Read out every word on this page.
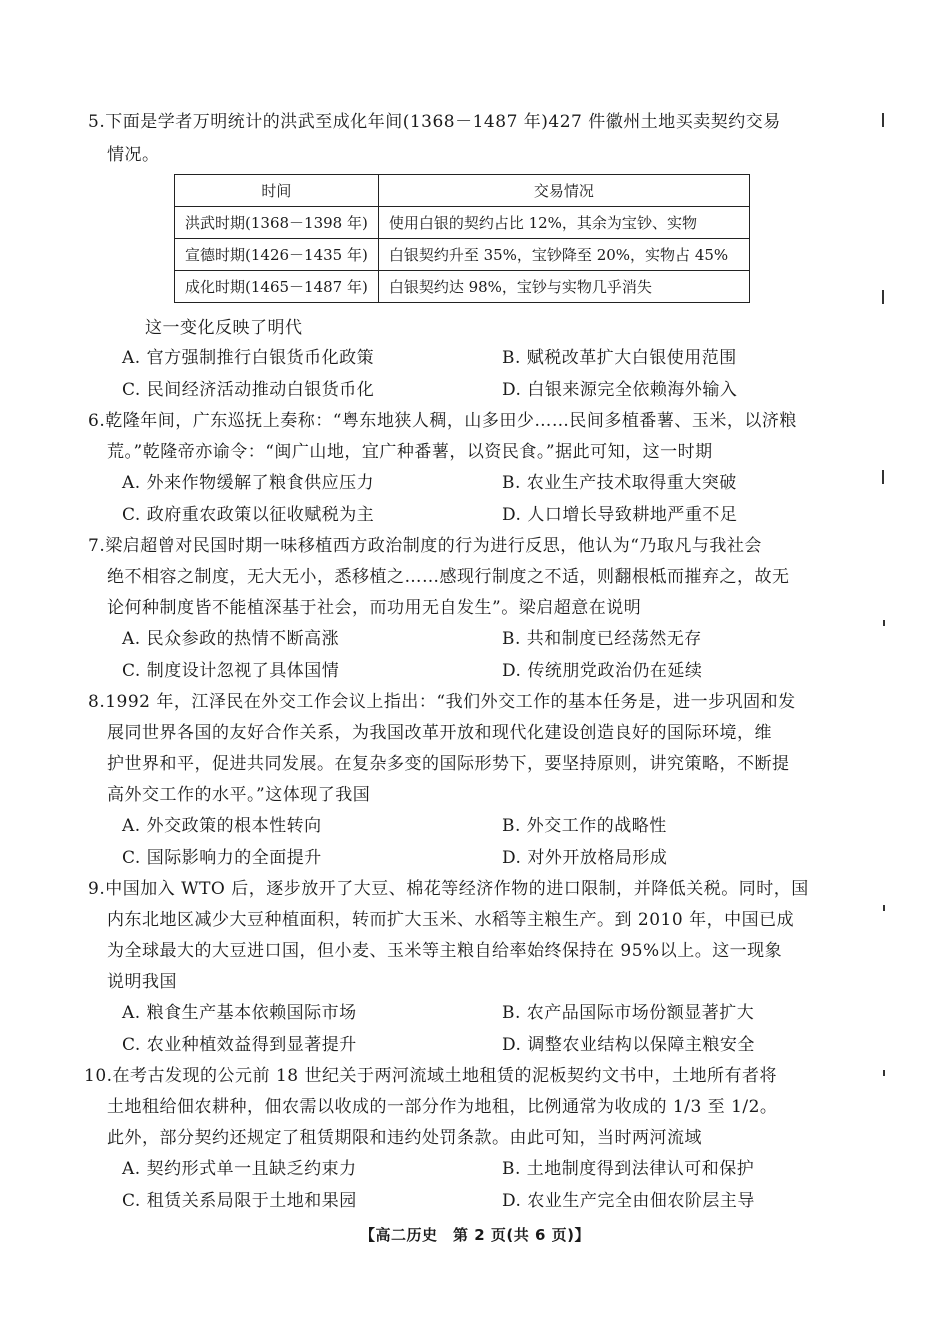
5.下面是学者万明统计的洪武至成化年间(1368－1487 年)427 件徽州土地买卖契约交易
情况。
时间	交易情况
洪武时期(1368－1398 年)	使用白银的契约占比 12%，其余为宝钞、实物
宣德时期(1426－1435 年)	白银契约升至 35%，宝钞降至 20%，实物占 45%
成化时期(1465－1487 年)	白银契约达 98%，宝钞与实物几乎消失
这一变化反映了明代
A. 官方强制推行白银货币化政策	B. 赋税改革扩大白银使用范围
C. 民间经济活动推动白银货币化	D. 白银来源完全依赖海外输入
6.乾隆年间，广东巡抚上奏称：“粤东地狭人稠，山多田少……民间多植番薯、玉米，以济粮
荒。”乾隆帝亦谕令：“闽广山地，宜广种番薯，以资民食。”据此可知，这一时期
A. 外来作物缓解了粮食供应压力	B. 农业生产技术取得重大突破
C. 政府重农政策以征收赋税为主	D. 人口增长导致耕地严重不足
7.梁启超曾对民国时期一味移植西方政治制度的行为进行反思，他认为“乃取凡与我社会
绝不相容之制度，无大无小，悉移植之……感现行制度之不适，则翻根柢而摧弃之，故无
论何种制度皆不能植深基于社会，而功用无自发生”。梁启超意在说明
A. 民众参政的热情不断高涨	B. 共和制度已经荡然无存
C. 制度设计忽视了具体国情	D. 传统朋党政治仍在延续
8.1992 年，江泽民在外交工作会议上指出：“我们外交工作的基本任务是，进一步巩固和发
展同世界各国的友好合作关系，为我国改革开放和现代化建设创造良好的国际环境，维
护世界和平，促进共同发展。在复杂多变的国际形势下，要坚持原则，讲究策略，不断提
高外交工作的水平。”这体现了我国
A. 外交政策的根本性转向	B. 外交工作的战略性
C. 国际影响力的全面提升	D. 对外开放格局形成
9.中国加入 WTO 后，逐步放开了大豆、棉花等经济作物的进口限制，并降低关税。同时，国
内东北地区减少大豆种植面积，转而扩大玉米、水稻等主粮生产。到 2010 年，中国已成
为全球最大的大豆进口国，但小麦、玉米等主粮自给率始终保持在 95%以上。这一现象
说明我国
A. 粮食生产基本依赖国际市场	B. 农产品国际市场份额显著扩大
C. 农业种植效益得到显著提升	D. 调整农业结构以保障主粮安全
10.在考古发现的公元前 18 世纪关于两河流域土地租赁的泥板契约文书中，土地所有者将
土地租给佃农耕种，佃农需以收成的一部分作为地租，比例通常为收成的 1/3 至 1/2。
此外，部分契约还规定了租赁期限和违约处罚条款。由此可知，当时两河流域
A. 契约形式单一且缺乏约束力	B. 土地制度得到法律认可和保护
C. 租赁关系局限于土地和果园	D. 农业生产完全由佃农阶层主导
【高二历史　第 2 页(共 6 页)】
